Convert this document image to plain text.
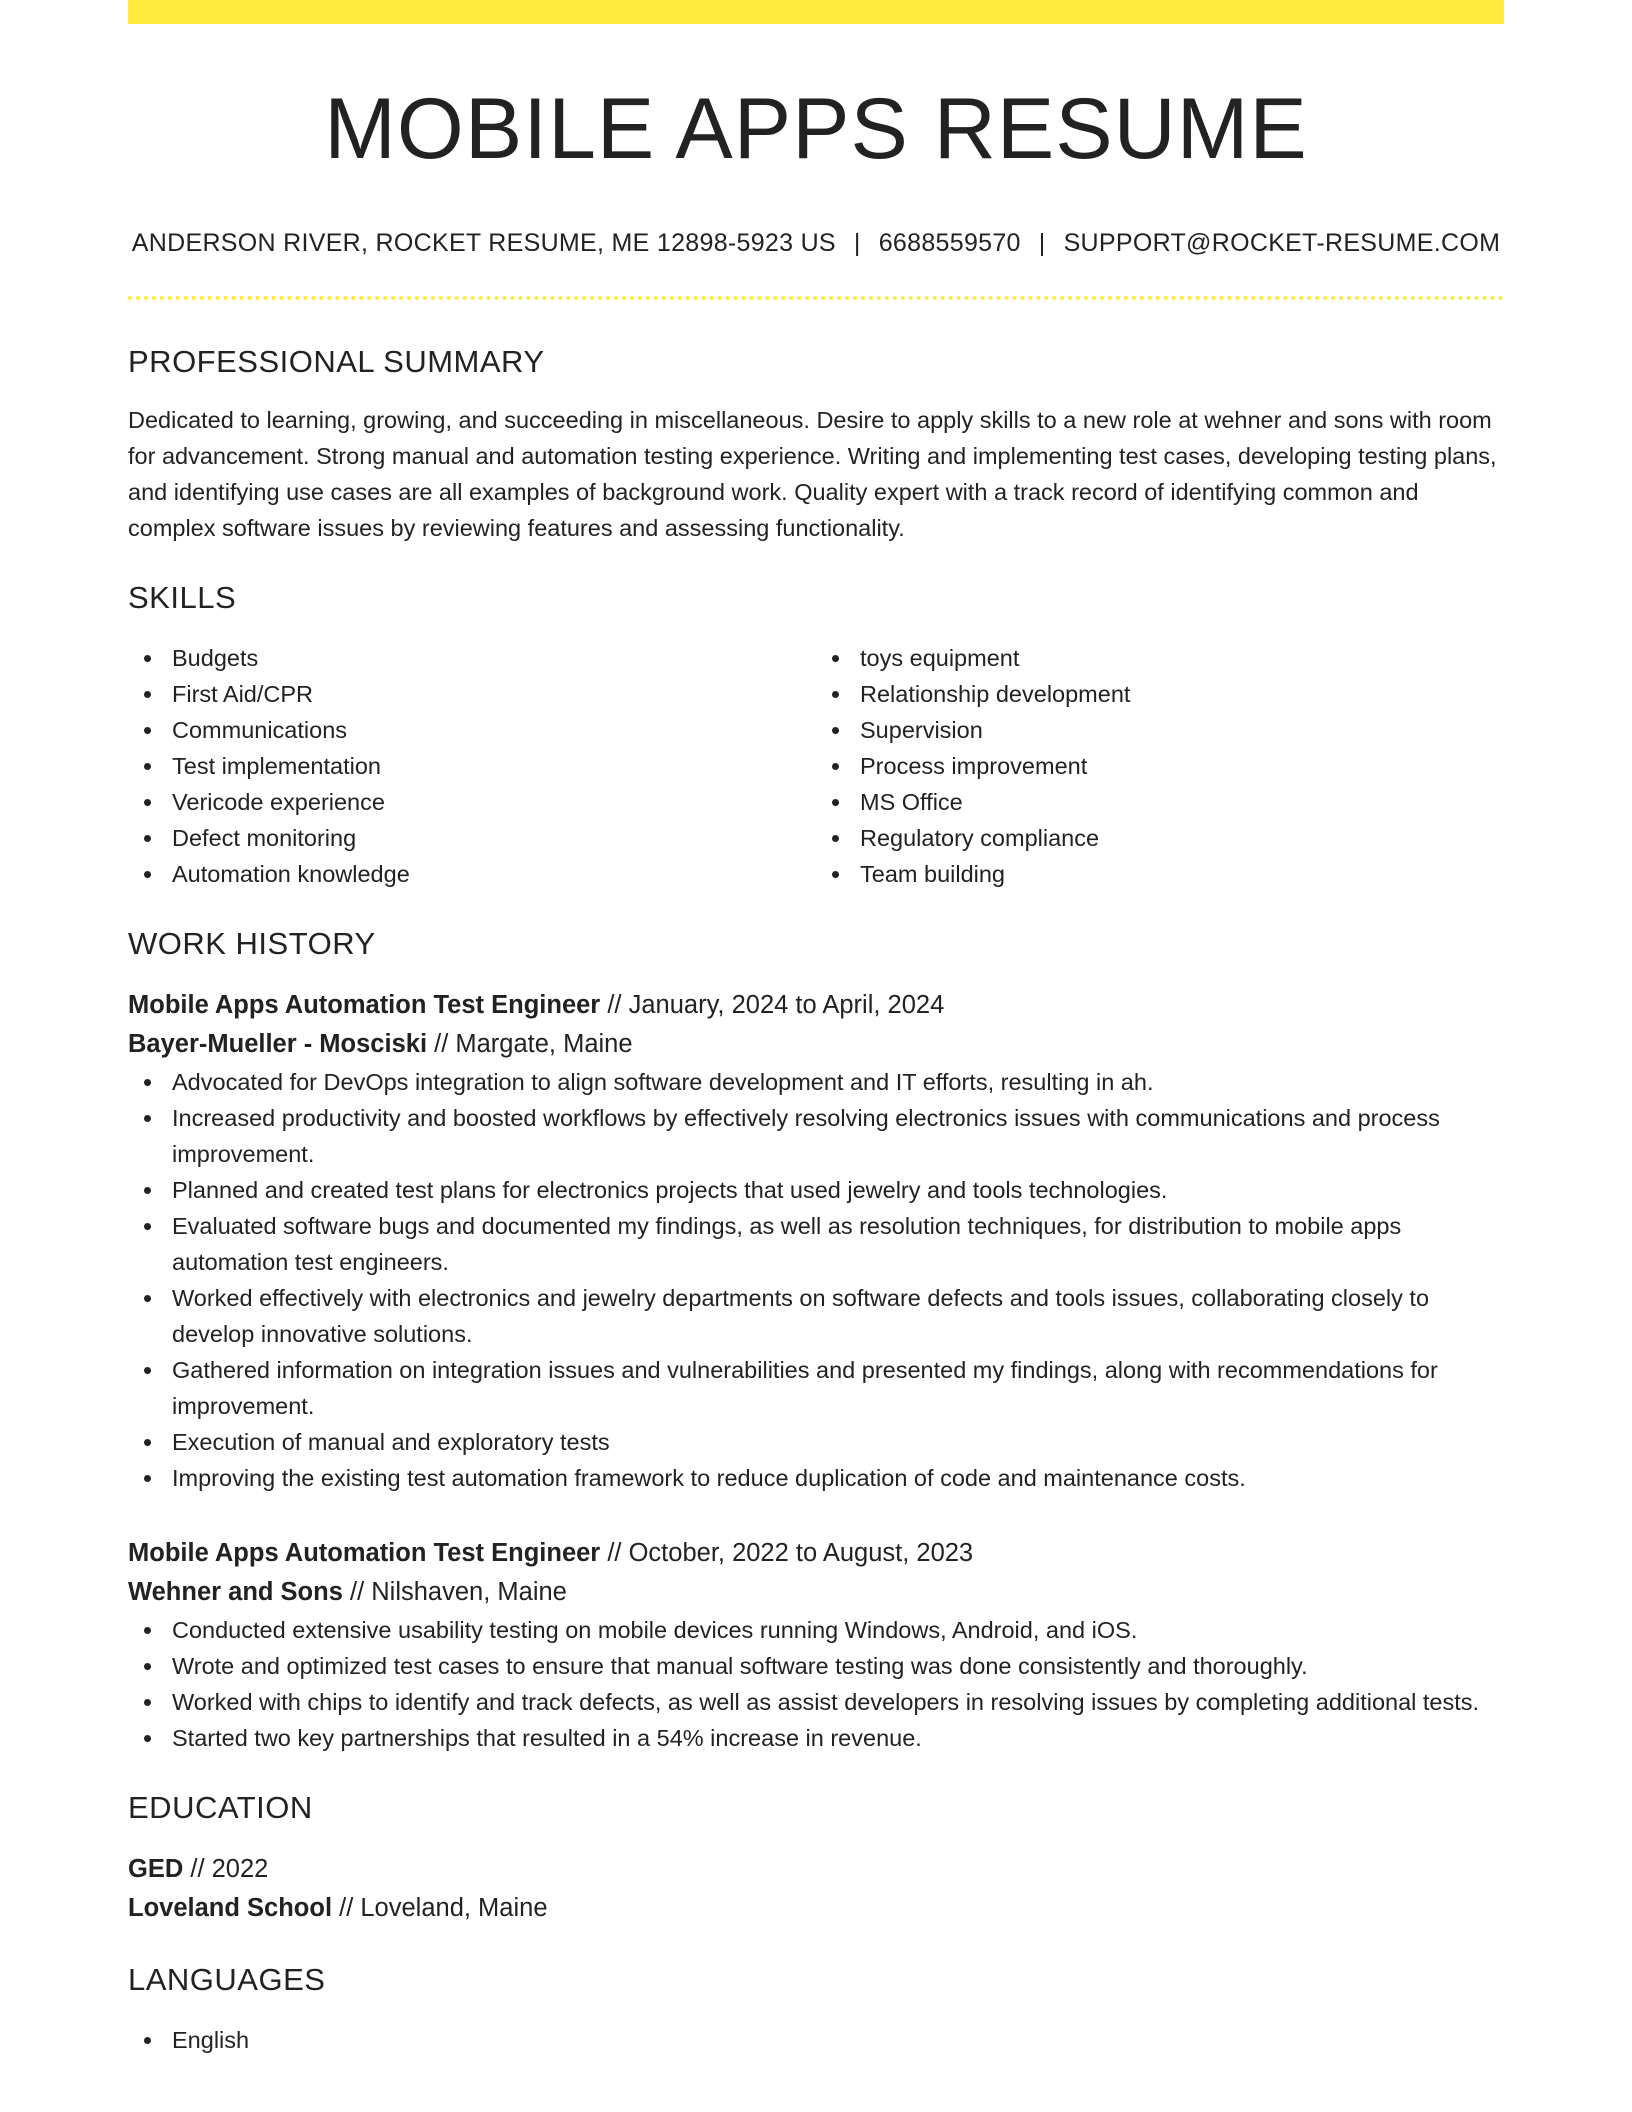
MOBILE APPS RESUME
ANDERSON RIVER, ROCKET RESUME, ME 12898-5923 US | 6688559570 | SUPPORT@ROCKET-RESUME.COM
PROFESSIONAL SUMMARY

Dedicated to learning, growing, and succeeding in miscellaneous. Desire to apply skills to a new role at wehner and sons with room for advancement. Strong manual and automation testing experience. Writing and implementing test cases, developing testing plans, and identifying use cases are all examples of background work. Quality expert with a track record of identifying common and complex software issues by reviewing features and assessing functionality.

SKILLS
Budgets
First Aid/CPR
Communications
Test implementation
Vericode experience
Defect monitoring
Automation knowledge
toys equipment
Relationship development
Supervision
Process improvement
MS Office
Regulatory compliance
Team building
WORK HISTORY
Mobile Apps Automation Test Engineer // January, 2024 to April, 2024
Bayer-Mueller - Mosciski // Margate, Maine
Advocated for DevOps integration to align software development and IT efforts, resulting in ah.
Increased productivity and boosted workflows by effectively resolving electronics issues with communications and process improvement.
Planned and created test plans for electronics projects that used jewelry and tools technologies.
Evaluated software bugs and documented my findings, as well as resolution techniques, for distribution to mobile apps automation test engineers.
Worked effectively with electronics and jewelry departments on software defects and tools issues, collaborating closely to develop innovative solutions.
Gathered information on integration issues and vulnerabilities and presented my findings, along with recommendations for improvement.
Execution of manual and exploratory tests
Improving the existing test automation framework to reduce duplication of code and maintenance costs.
Mobile Apps Automation Test Engineer // October, 2022 to August, 2023
Wehner and Sons // Nilshaven, Maine
Conducted extensive usability testing on mobile devices running Windows, Android, and iOS.
Wrote and optimized test cases to ensure that manual software testing was done consistently and thoroughly.
Worked with chips to identify and track defects, as well as assist developers in resolving issues by completing additional tests.
Started two key partnerships that resulted in a 54% increase in revenue.
EDUCATION
GED // 2022
Loveland School // Loveland, Maine
LANGUAGES
English
